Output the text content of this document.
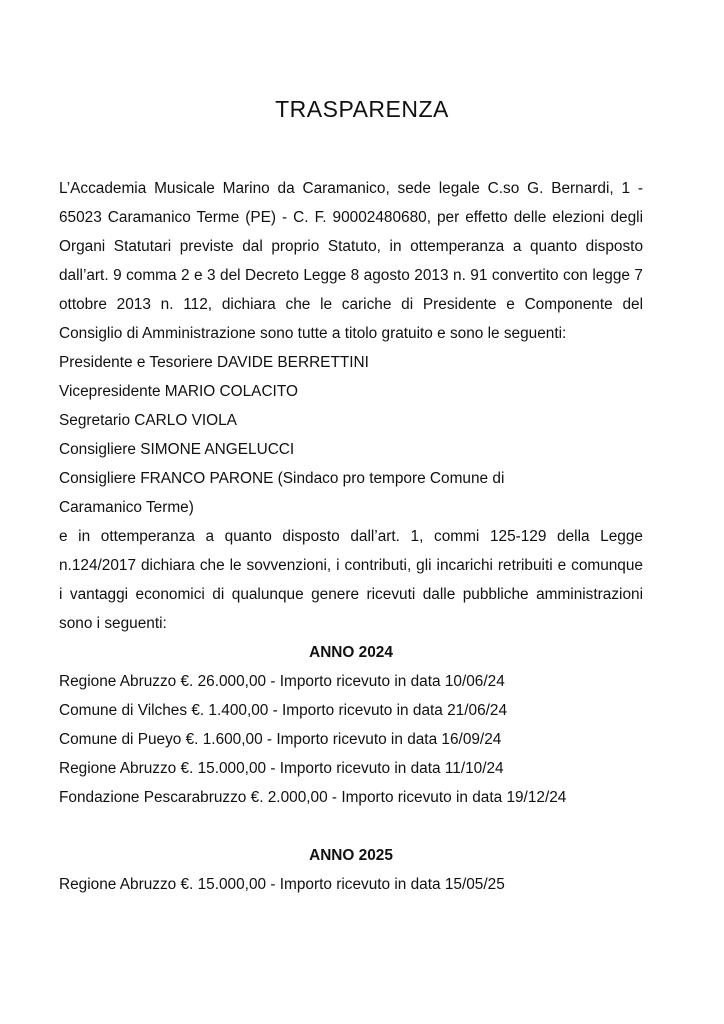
TRASPARENZA

L’Accademia Musicale Marino da Caramanico, sede legale C.so G. Bernardi, 1 - 65023 Caramanico Terme (PE) - C. F. 90002480680, per effetto delle elezioni degli Organi Statutari previste dal proprio Statuto, in ottemperanza a quanto disposto dall’art. 9 comma 2 e 3 del Decreto Legge 8 agosto 2013 n. 91 convertito con legge 7 ottobre 2013 n. 112, dichiara che le cariche di Presidente e Componente del Consiglio di Amministrazione sono tutte a titolo gratuito e sono le seguenti:

Presidente e Tesoriere DAVIDE BERRETTINI

Vicepresidente MARIO COLACITO

Segretario CARLO VIOLA

Consigliere SIMONE ANGELUCCI

Consigliere FRANCO PARONE (Sindaco pro tempore Comune di

Caramanico Terme)

e in ottemperanza a quanto disposto dall’art. 1, commi 125-129 della Legge n.124/2017 dichiara che le sovvenzioni, i contributi, gli incarichi retribuiti e comunque i vantaggi economici di qualunque genere ricevuti dalle pubbliche amministrazioni sono i seguenti:

ANNO 2024

Regione Abruzzo €. 26.000,00 - Importo ricevuto in data 10/06/24

Comune di Vilches €. 1.400,00 - Importo ricevuto in data 21/06/24

Comune di Pueyo €. 1.600,00 - Importo ricevuto in data 16/09/24

Regione Abruzzo €. 15.000,00 - Importo ricevuto in data 11/10/24

Fondazione Pescarabruzzo €. 2.000,00 - Importo ricevuto in data 19/12/24

ANNO 2025

Regione Abruzzo €. 15.000,00 - Importo ricevuto in data 15/05/25
